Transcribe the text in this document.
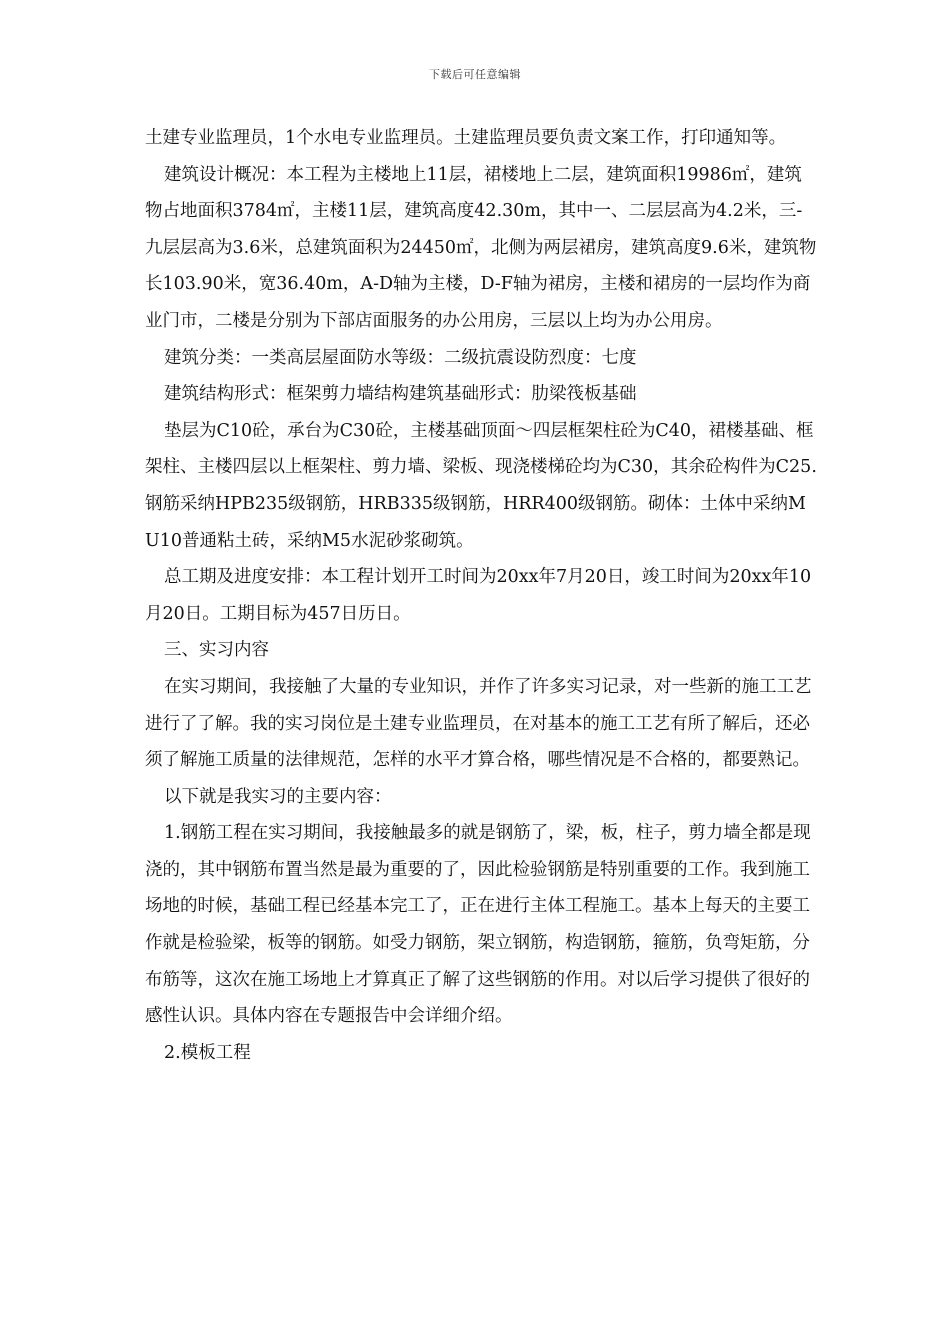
下载后可任意编辑

土建专业监理员，1个水电专业监理员。土建监理员要负责文案工作，打印通知等。

建筑设计概况：本工程为主楼地上11层，裙楼地上二层，建筑面积19986㎡，建筑物占地面积3784㎡，主楼11层，建筑高度42.30m，其中一、二层层高为4.2米，三-九层层高为3.6米，总建筑面积为24450㎡，北侧为两层裙房，建筑高度9.6米，建筑物长103.90米，宽36.40m，A-D轴为主楼，D-F轴为裙房，主楼和裙房的一层均作为商业门市，二楼是分别为下部店面服务的办公用房，三层以上均为办公用房。

建筑分类：一类高层屋面防水等级：二级抗震设防烈度：七度

建筑结构形式：框架剪力墙结构建筑基础形式：肋梁筏板基础

垫层为C10砼，承台为C30砼，主楼基础顶面～四层框架柱砼为C40，裙楼基础、框架柱、主楼四层以上框架柱、剪力墙、梁板、现浇楼梯砼均为C30，其余砼构件为C25.钢筋采纳HPB235级钢筋，HRB335级钢筋，HRR400级钢筋。砌体：土体中采纳MU10普通粘土砖，采纳M5水泥砂浆砌筑。

总工期及进度安排：本工程计划开工时间为20xx年7月20日，竣工时间为20xx年10月20日。工期目标为457日历日。

三、实习内容

在实习期间，我接触了大量的专业知识，并作了许多实习记录，对一些新的施工工艺进行了了解。我的实习岗位是土建专业监理员，在对基本的施工工艺有所了解后，还必须了解施工质量的法律规范，怎样的水平才算合格，哪些情况是不合格的，都要熟记。

以下就是我实习的主要内容：

1.钢筋工程在实习期间，我接触最多的就是钢筋了，梁，板，柱子，剪力墙全都是现浇的，其中钢筋布置当然是最为重要的了，因此检验钢筋是特别重要的工作。我到施工场地的时候，基础工程已经基本完工了，正在进行主体工程施工。基本上每天的主要工作就是检验梁，板等的钢筋。如受力钢筋，架立钢筋，构造钢筋，箍筋，负弯矩筋，分布筋等，这次在施工场地上才算真正了解了这些钢筋的作用。对以后学习提供了很好的感性认识。具体内容在专题报告中会详细介绍。

2.模板工程
